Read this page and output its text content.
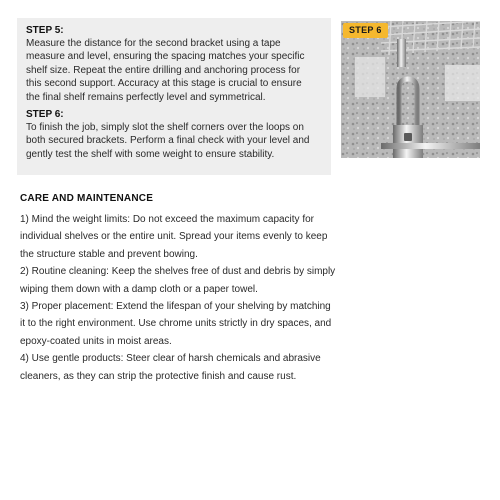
STEP 5:

Measure the distance for the second bracket using a tape

measure and level, ensuring the spacing matches your specific

shelf size. Repeat the entire drilling and anchoring process for

this second support. Accuracy at this stage is crucial to ensure

the final shelf remains perfectly level and symmetrical.

STEP 6:

To finish the job, simply slot the shelf corners over the loops on

both secured brackets. Perform a final check with your level and

gently test the shelf with some weight to ensure stability.

STEP 6

CARE AND MAINTENANCE

1) Mind the weight limits: Do not exceed the maximum capacity for

individual shelves or the entire unit. Spread your items evenly to keep

the structure stable and prevent bowing.

2) Routine cleaning: Keep the shelves free of dust and debris by simply

wiping them down with a damp cloth or a paper towel.

3) Proper placement: Extend the lifespan of your shelving by matching

it to the right environment. Use chrome units strictly in dry spaces, and

epoxy-coated units in moist areas.

4) Use gentle products: Steer clear of harsh chemicals and abrasive

cleaners, as they can strip the protective finish and cause rust.
